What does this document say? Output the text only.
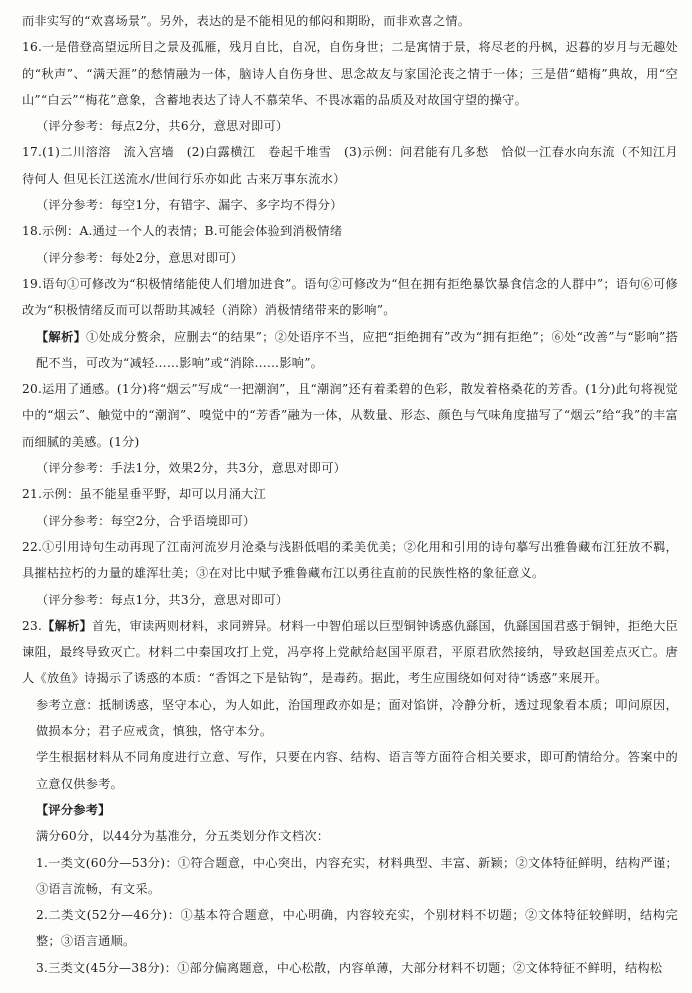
而非实写的“欢喜场景”。另外，表达的是不能相见的郁闷和期盼，而非欢喜之情。

16.一是借登高望远所目之景及孤雁，残月自比，自况，自伤身世；二是寓情于景，将尽老的丹枫，迟暮的岁月与无趣处的“秋声”、“满天涯”的愁情融为一体，脑诗人自伤身世、思念故友与家国沦丧之情于一体；三是借“蜡梅”典故，用“空山”“白云”“梅花”意象，含蓄地表达了诗人不慕荣华、不畏冰霜的品质及对故国守望的操守。

（评分参考：每点2分，共6分，意思对即可）

17.(1)二川溶溶　流入宫墙　(2)白露横江　卷起千堆雪　(3)示例：问君能有几多愁　恰似一江春水向东流（不知江月待何人 但见长江送流水/世间行乐亦如此 古来万事东流水）

（评分参考：每空1分，有错字、漏字、多字均不得分）

18.示例：A.通过一个人的表情；B.可能会体验到消极情绪

（评分参考：每处2分，意思对即可）

19.语句①可修改为“积极情绪能使人们增加进食”。语句②可修改为“但在拥有拒绝暴饮暴食信念的人群中”；语句⑥可修改为“积极情绪反而可以帮助其减轻（消除）消极情绪带来的影响”。

【解析】①处成分赘余，应删去“的结果”；②处语序不当，应把“拒绝拥有”改为“拥有拒绝”；⑥处“改善”与“影响”搭配不当，可改为“减轻……影响”或“消除……影响”。

20.运用了通感。(1分)将“烟云”写成“一把潮润”，且“潮润”还有着柔碧的色彩，散发着格桑花的芳香。(1分)此句将视觉中的“烟云”、触觉中的“潮润”、嗅觉中的“芳香”融为一体，从数量、形态、颜色与气味角度描写了“烟云”给“我”的丰富而细腻的美感。(1分)

（评分参考：手法1分，效果2分，共3分，意思对即可）

21.示例：虽不能星垂平野，却可以月涌大江

（评分参考：每空2分，合乎语境即可）

22.①引用诗句生动再现了江南河流岁月沧桑与浅斟低唱的柔美优美；②化用和引用的诗句摹写出雅鲁藏布江狂放不羁，具摧枯拉朽的力量的雄浑壮美；③在对比中赋予雅鲁藏布江以勇往直前的民族性格的象征意义。

（评分参考：每点1分，共3分，意思对即可）

23.【解析】首先，审读两则材料，求同辨异。材料一中智伯瑶以巨型铜钟诱惑仇繇国，仇繇国国君惑于铜钟，拒绝大臣谏阻，最终导致灭亡。材料二中秦国攻打上党，冯亭将上党献给赵国平原君，平原君欣然接纳，导致赵国差点灭亡。唐人《放鱼》诗揭示了诱惑的本质：“香饵之下是钻钩”，是毒药。据此，考生应围绕如何对待“诱惑”来展开。

参考立意：抵制诱惑，坚守本心，为人如此，治国理政亦如是；面对馅饼，冷静分析，透过现象看本质；叩问原因，做损本分；君子应戒贪，慎独，恪守本分。

学生根据材料从不同角度进行立意、写作，只要在内容、结构、语言等方面符合相关要求，即可酌情给分。答案中的立意仅供参考。

【评分参考】

满分60分，以44分为基准分，分五类划分作文档次：

1.一类文(60分—53分)：①符合题意，中心突出，内容充实，材料典型、丰富、新颖；②文体特征鲜明，结构严谨；③语言流畅，有文采。

2.二类文(52分—46分)：①基本符合题意，中心明确，内容较充实，个别材料不切题；②文体特征较鲜明，结构完整；③语言通顺。

3.三类文(45分—38分)：①部分偏离题意，中心松散，内容单薄，大部分材料不切题；②文体特征不鲜明，结构松
